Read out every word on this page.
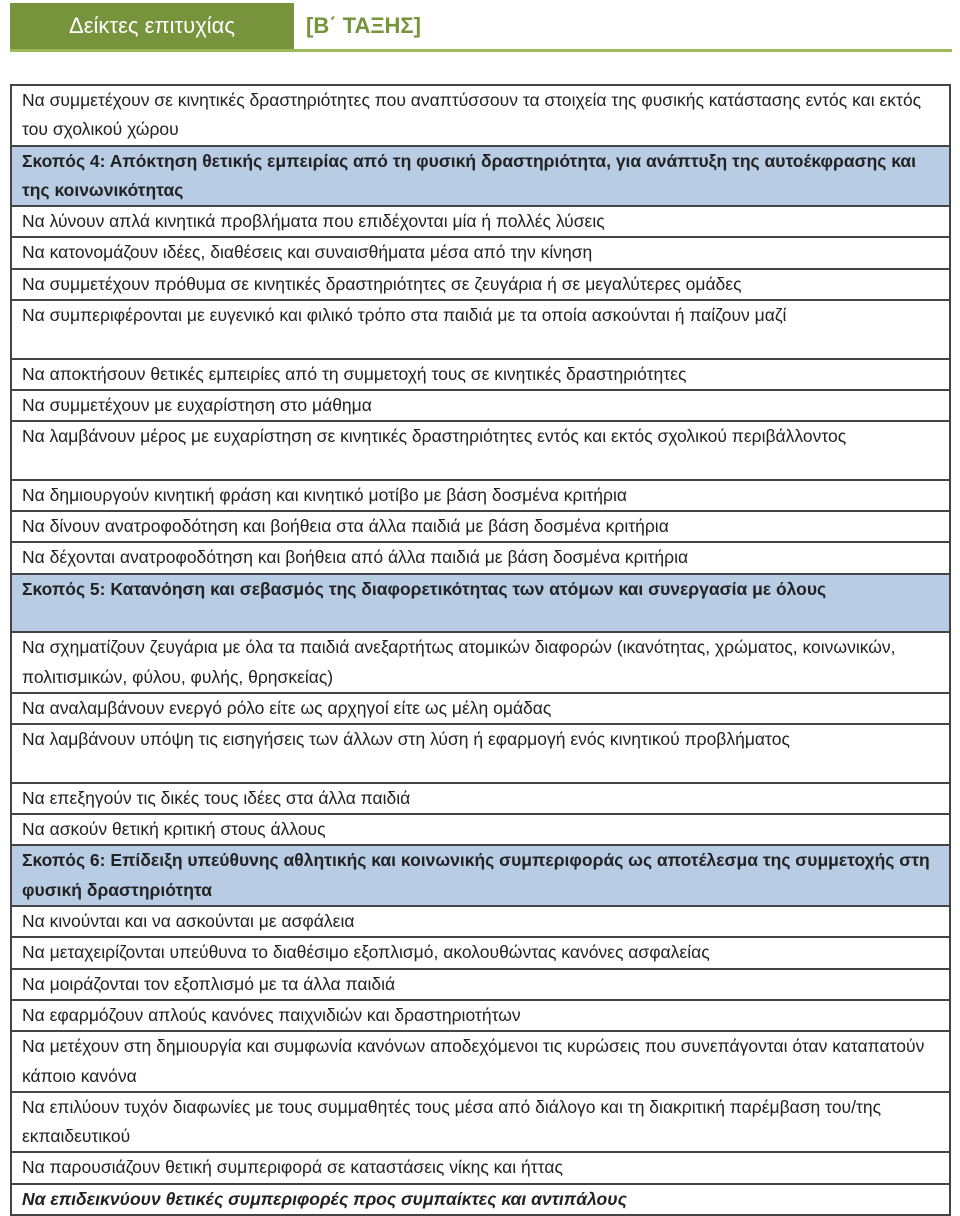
Δείκτες επιτυχίας	[Β΄ ΤΑΞΗΣ]
Να συμμετέχουν σε κινητικές δραστηριότητες που αναπτύσσουν τα στοιχεία της φυσικής κατάστασης εντός και εκτός του σχολικού χώρου
Σκοπός 4: Απόκτηση θετικής εμπειρίας από τη φυσική δραστηριότητα, για ανάπτυξη της αυτοέκφρασης και της κοινωνικότητας
Να λύνουν απλά κινητικά προβλήματα που επιδέχονται μία ή πολλές λύσεις
Να κατονομάζουν ιδέες, διαθέσεις και συναισθήματα μέσα από την κίνηση
Να συμμετέχουν πρόθυμα σε κινητικές δραστηριότητες σε ζευγάρια ή σε μεγαλύτερες ομάδες
Να συμπεριφέρονται με ευγενικό και φιλικό τρόπο στα παιδιά με τα οποία ασκούνται ή παίζουν μαζί
Να αποκτήσουν θετικές εμπειρίες από τη συμμετοχή τους σε κινητικές δραστηριότητες
Να συμμετέχουν με ευχαρίστηση στο μάθημα
Να λαμβάνουν μέρος με ευχαρίστηση σε κινητικές δραστηριότητες εντός και εκτός σχολικού περιβάλλοντος
Να δημιουργούν κινητική φράση και κινητικό μοτίβο με βάση δοσμένα κριτήρια
Να δίνουν ανατροφοδότηση και βοήθεια στα άλλα παιδιά με βάση δοσμένα κριτήρια
Να δέχονται ανατροφοδότηση και βοήθεια από άλλα παιδιά με βάση δοσμένα κριτήρια
Σκοπός 5: Κατανόηση και σεβασμός της διαφορετικότητας των ατόμων και συνεργασία με όλους
Να σχηματίζουν ζευγάρια με όλα τα παιδιά ανεξαρτήτως ατομικών διαφορών (ικανότητας, χρώματος, κοινωνικών, πολιτισμικών, φύλου, φυλής, θρησκείας)
Να αναλαμβάνουν ενεργό ρόλο είτε ως αρχηγοί είτε ως μέλη ομάδας
Να λαμβάνουν υπόψη τις εισηγήσεις των άλλων στη λύση ή εφαρμογή ενός κινητικού προβλήματος
Να επεξηγούν τις δικές τους ιδέες στα άλλα παιδιά
Να ασκούν θετική κριτική στους άλλους
Σκοπός 6: Επίδειξη υπεύθυνης αθλητικής και κοινωνικής συμπεριφοράς ως αποτέλεσμα της συμμετοχής στη φυσική δραστηριότητα
Να κινούνται και να ασκούνται με ασφάλεια
Να μεταχειρίζονται υπεύθυνα το διαθέσιμο εξοπλισμό, ακολουθώντας κανόνες ασφαλείας
Να μοιράζονται τον εξοπλισμό με τα άλλα παιδιά
Να εφαρμόζουν απλούς κανόνες παιχνιδιών και δραστηριοτήτων
Να μετέχουν στη δημιουργία και συμφωνία κανόνων αποδεχόμενοι τις κυρώσεις που συνεπάγονται όταν καταπατούν κάποιο κανόνα
Να επιλύουν τυχόν διαφωνίες με τους συμμαθητές τους μέσα από διάλογο και τη διακριτική παρέμβαση του/της εκπαιδευτικού
Να παρουσιάζουν θετική συμπεριφορά σε καταστάσεις νίκης και ήττας
Να επιδεικνύουν θετικές συμπεριφορές προς συμπαίκτες και αντιπάλους
